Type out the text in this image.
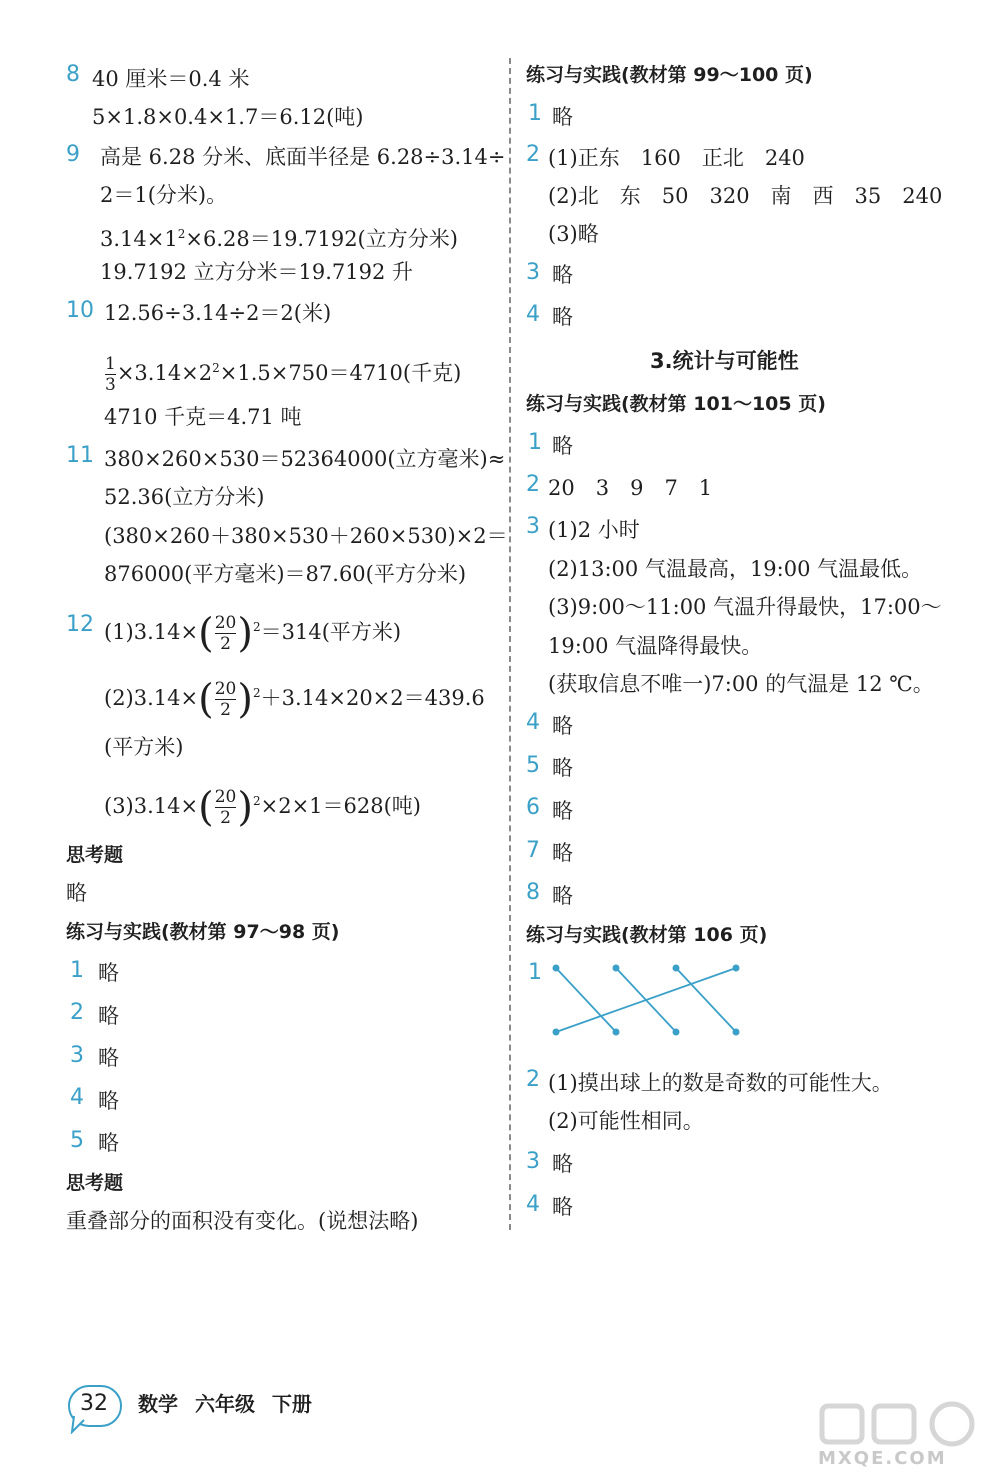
8 40 厘米＝0.4 米
5×1.8×0.4×1.7＝6.12(吨)
9 高是 6.28 分米、底面半径是 6.28÷3.14÷
2＝1(分米)。
$3.14\times 1^2\times 6.28=19.7192$(立方分米)
19.7192 立方分米＝19.7192 升
10 12.56÷3.14÷2＝2(米)
$\frac{1}{3} \times 3.14\times 2^2\times 1.5\times 750=4710$(千克)
4710 千克＝4.71 吨
11 380×260×530＝52364000(立方毫米)≈
52.36(立方分米)
(380×260＋380×530＋260×530)×2＝
876000(平方毫米)＝87.60(平方分米)
12 $(1)3.14\times( \frac{20}{2} )^2=314$(平方米)
$(2)3.14\times( \frac{20}{2} )^2+3.14\times 20\times 2=439.6$
(平方米)
$(3)3.14\times( \frac{20}{2} )^2\times 2\times 1=628$(吨)
思考题
略
练习与实践(教材第 97～98 页)
1 略
2 略
3 略
4 略
5 略
思考题
重叠部分的面积没有变化。(说想法略)
练习与实践(教材第 99～100 页)
1 略
2 (1)正东　160　正北　240
(2)北　东　50　320　南　西　35　240
(3)略
3 略
4 略
3.统计与可能性
练习与实践(教材第 101～105 页)
1 略
2 20　3　9　7　1
3 (1)2 小时
(2)13:00 气温最高，19:00 气温最低。
(3)9:00～11:00 气温升得最快，17:00～
19:00 气温降得最快。
(获取信息不唯一)7:00 的气温是 12 ℃。
4 略
5 略
6 略
7 略
8 略
练习与实践(教材第 106 页)
1
2 (1)摸出球上的数是奇数的可能性大。
(2)可能性相同。
3 略
4 略
32 数学 六年级 下册
MXQE.COM
